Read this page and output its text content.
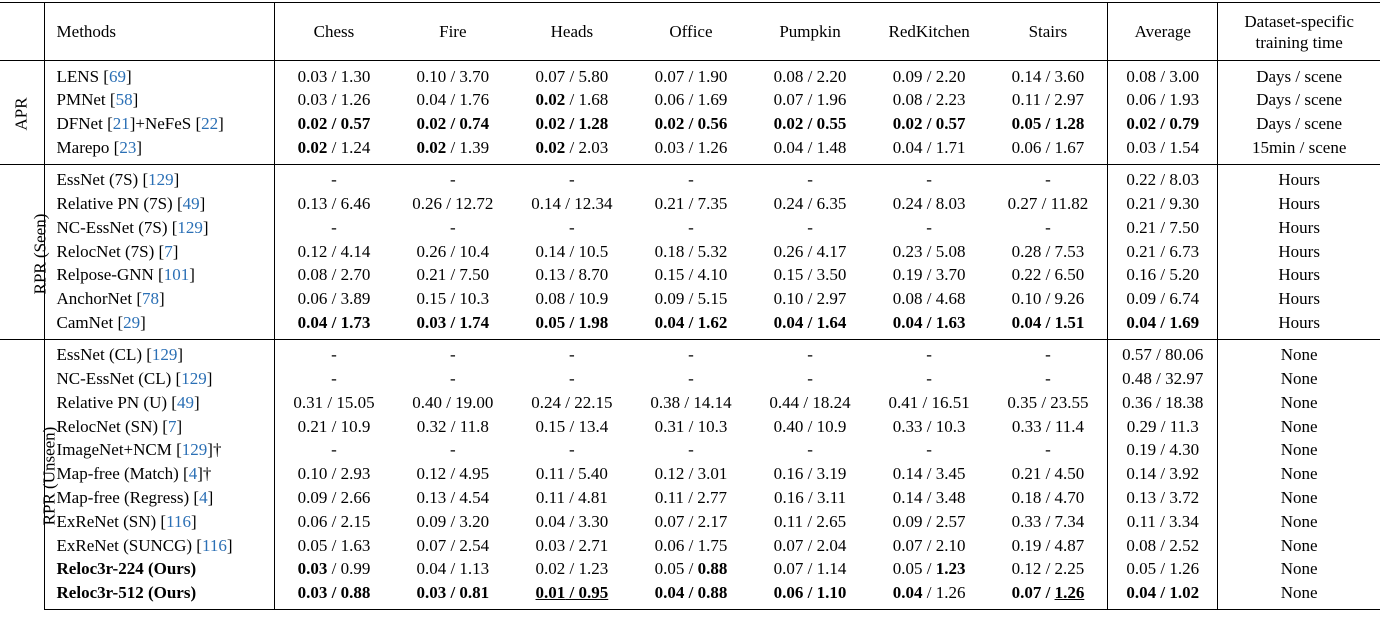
	Methods	Chess	Fire	Heads	Office	Pumpkin	RedKitchen	Stairs	Average	Dataset-specific
training time

APR	LENS [69]	0.03 / 1.30	0.10 / 3.70	0.07 / 5.80	0.07 / 1.90	0.08 / 2.20	0.09 / 2.20	0.14 / 3.60	0.08 / 3.00	Days / scene
	PMNet [58]	0.03 / 1.26	0.04 / 1.76	0.02 / 1.68	0.06 / 1.69	0.07 / 1.96	0.08 / 2.23	0.11 / 2.97	0.06 / 1.93	Days / scene
	DFNet [21]+NeFeS [22]	0.02 / 0.57	0.02 / 0.74	0.02 / 1.28	0.02 / 0.56	0.02 / 0.55	0.02 / 0.57	0.05 / 1.28	0.02 / 0.79	Days / scene
	Marepo [23]	0.02 / 1.24	0.02 / 1.39	0.02 / 2.03	0.03 / 1.26	0.04 / 1.48	0.04 / 1.71	0.06 / 1.67	0.03 / 1.54	15min / scene
RPR (Seen)	EssNet (7S) [129]	-	-	-	-	-	-	-	0.22 / 8.03	Hours
	Relative PN (7S) [49]	0.13 / 6.46	0.26 / 12.72	0.14 / 12.34	0.21 / 7.35	0.24 / 6.35	0.24 / 8.03	0.27 / 11.82	0.21 / 9.30	Hours
	NC-EssNet (7S) [129]	-	-	-	-	-	-	-	0.21 / 7.50	Hours
	RelocNet (7S) [7]	0.12 / 4.14	0.26 / 10.4	0.14 / 10.5	0.18 / 5.32	0.26 / 4.17	0.23 / 5.08	0.28 / 7.53	0.21 / 6.73	Hours
	Relpose-GNN [101]	0.08 / 2.70	0.21 / 7.50	0.13 / 8.70	0.15 / 4.10	0.15 / 3.50	0.19 / 3.70	0.22 / 6.50	0.16 / 5.20	Hours
	AnchorNet [78]	0.06 / 3.89	0.15 / 10.3	0.08 / 10.9	0.09 / 5.15	0.10 / 2.97	0.08 / 4.68	0.10 / 9.26	0.09 / 6.74	Hours
	CamNet [29]	0.04 / 1.73	0.03 / 1.74	0.05 / 1.98	0.04 / 1.62	0.04 / 1.64	0.04 / 1.63	0.04 / 1.51	0.04 / 1.69	Hours
RPR (Unseen)	EssNet (CL) [129]	-	-	-	-	-	-	-	0.57 / 80.06	None
	NC-EssNet (CL) [129]	-	-	-	-	-	-	-	0.48 / 32.97	None
	Relative PN (U) [49]	0.31 / 15.05	0.40 / 19.00	0.24 / 22.15	0.38 / 14.14	0.44 / 18.24	0.41 / 16.51	0.35 / 23.55	0.36 / 18.38	None
	RelocNet (SN) [7]	0.21 / 10.9	0.32 / 11.8	0.15 / 13.4	0.31 / 10.3	0.40 / 10.9	0.33 / 10.3	0.33 / 11.4	0.29 / 11.3	None
	ImageNet+NCM [129]†	-	-	-	-	-	-	-	0.19 / 4.30	None
	Map-free (Match) [4]†	0.10 / 2.93	0.12 / 4.95	0.11 / 5.40	0.12 / 3.01	0.16 / 3.19	0.14 / 3.45	0.21 / 4.50	0.14 / 3.92	None
	Map-free (Regress) [4]	0.09 / 2.66	0.13 / 4.54	0.11 / 4.81	0.11 / 2.77	0.16 / 3.11	0.14 / 3.48	0.18 / 4.70	0.13 / 3.72	None
	ExReNet (SN) [116]	0.06 / 2.15	0.09 / 3.20	0.04 / 3.30	0.07 / 2.17	0.11 / 2.65	0.09 / 2.57	0.33 / 7.34	0.11 / 3.34	None
	ExReNet (SUNCG) [116]	0.05 / 1.63	0.07 / 2.54	0.03 / 2.71	0.06 / 1.75	0.07 / 2.04	0.07 / 2.10	0.19 / 4.87	0.08 / 2.52	None
	Reloc3r-224 (Ours)	0.03 / 0.99	0.04 / 1.13	0.02 / 1.23	0.05 / 0.88	0.07 / 1.14	0.05 / 1.23	0.12 / 2.25	0.05 / 1.26	None
	Reloc3r-512 (Ours)	0.03 / 0.88	0.03 / 0.81	0.01 / 0.95	0.04 / 0.88	0.06 / 1.10	0.04 / 1.26	0.07 / 1.26	0.04 / 1.02	None
